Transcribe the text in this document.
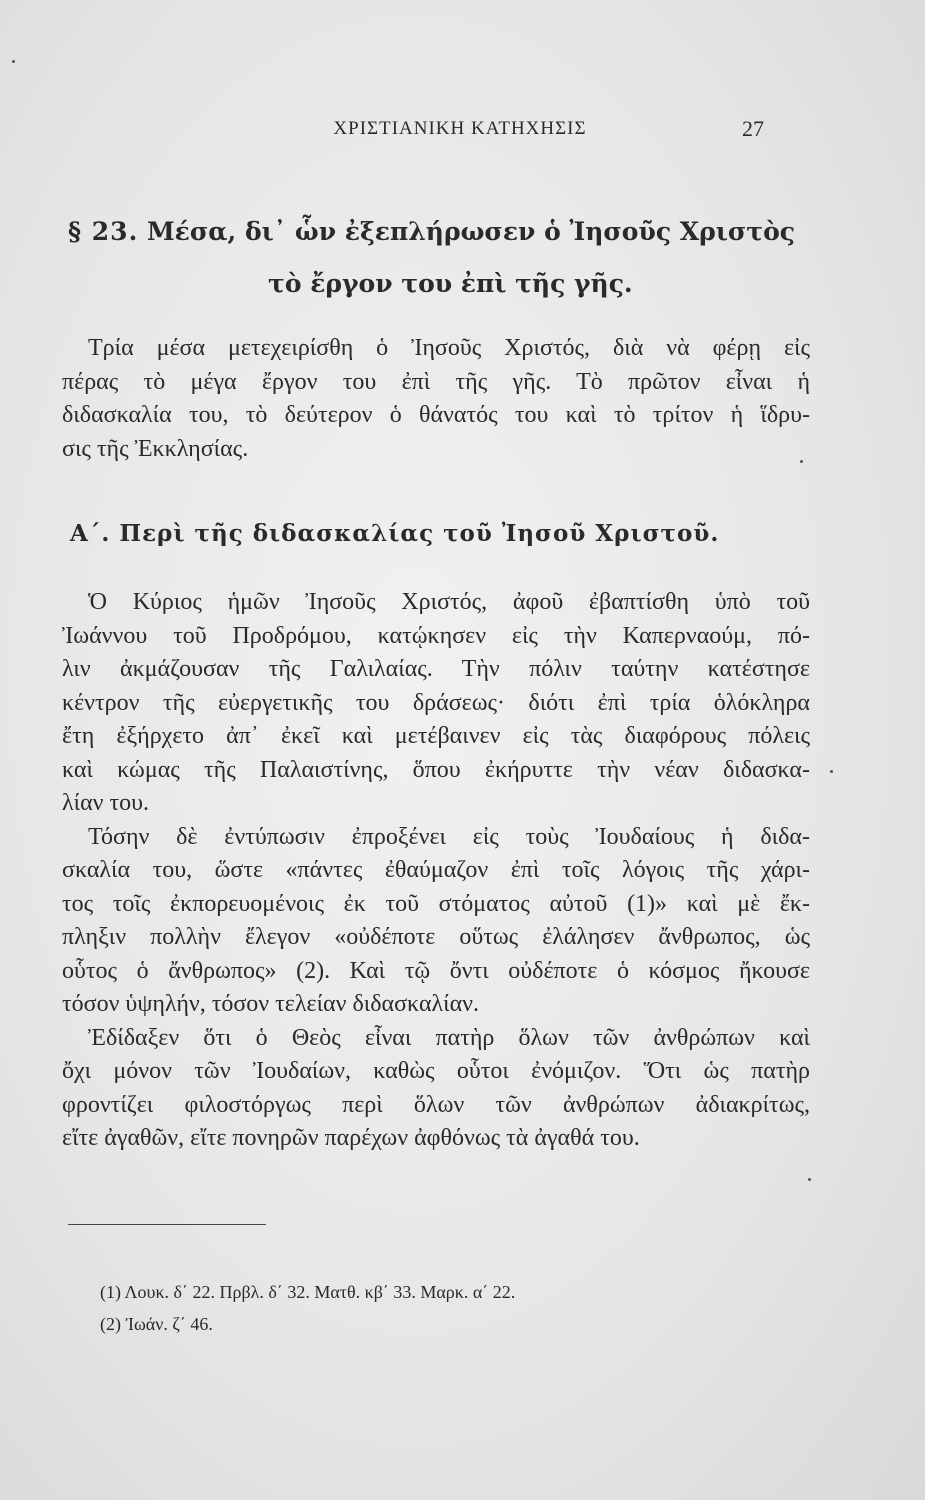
ΧΡΙΣΤΙΑΝΙΚΗ ΚΑΤΗΧΗΣΙΣ	27
§ 23. Μέσα, δι᾽ ὧν ἐξεπλήρωσεν ὁ Ἰησοῦς Χριστὸς
τὸ ἔργον του ἐπὶ τῆς γῆς.
Τρία μέσα μετεχειρίσθη ὁ Ἰησοῦς Χριστός, διὰ νὰ φέρῃ εἰς
πέρας τὸ μέγα ἔργον του ἐπὶ τῆς γῆς. Τὸ πρῶτον εἶναι ἡ
διδασκαλία του, τὸ δεύτερον ὁ θάνατός του καὶ τὸ τρίτον ἡ ἵδρυ-
σις τῆς Ἐκκλησίας.
Α΄. Περὶ τῆς διδασκαλίας τοῦ Ἰησοῦ Χριστοῦ.
Ὁ Κύριος ἡμῶν Ἰησοῦς Χριστός, ἀφοῦ ἐβαπτίσθη ὑπὸ τοῦ
Ἰωάννου τοῦ Προδρόμου, κατῴκησεν εἰς τὴν Καπερναούμ, πό-
λιν ἀκμάζουσαν τῆς Γαλιλαίας. Τὴν πόλιν ταύτην κατέστησε
κέντρον τῆς εὐεργετικῆς του δράσεως· διότι ἐπὶ τρία ὁλόκληρα
ἔτη ἐξήρχετο ἀπ᾽ ἐκεῖ καὶ μετέβαινεν εἰς τὰς διαφόρους πόλεις
καὶ κώμας τῆς Παλαιστίνης, ὅπου ἐκήρυττε τὴν νέαν διδασκα-
λίαν του.
Τόσην δὲ ἐντύπωσιν ἐπροξένει εἰς τοὺς Ἰουδαίους ἡ διδα-
σκαλία του, ὥστε «πάντες ἐθαύμαζον ἐπὶ τοῖς λόγοις τῆς χάρι-
τος τοῖς ἐκπορευομένοις ἐκ τοῦ στόματος αὐτοῦ (1)» καὶ μὲ ἔκ-
πληξιν πολλὴν ἔλεγον «οὐδέποτε οὕτως ἐλάλησεν ἄνθρωπος, ὡς
οὗτος ὁ ἄνθρωπος» (2). Καὶ τῷ ὄντι οὐδέποτε ὁ κόσμος ἤκουσε
τόσον ὑψηλήν, τόσον τελείαν διδασκαλίαν.
Ἐδίδαξεν ὅτι ὁ Θεὸς εἶναι πατὴρ ὅλων τῶν ἀνθρώπων καὶ
ὄχι μόνον τῶν Ἰουδαίων, καθὼς οὗτοι ἐνόμιζον. Ὅτι ὡς πατὴρ
φροντίζει φιλοστόργως περὶ ὅλων τῶν ἀνθρώπων ἀδιακρίτως,
εἴτε ἀγαθῶν, εἴτε πονηρῶν παρέχων ἀφθόνως τὰ ἀγαθά του.
(1) Λουκ. δ΄ 22. Πρβλ. δ΄ 32. Ματθ. κβ΄ 33. Μαρκ. α΄ 22.
(2) Ἰωάν. ζ΄ 46.
